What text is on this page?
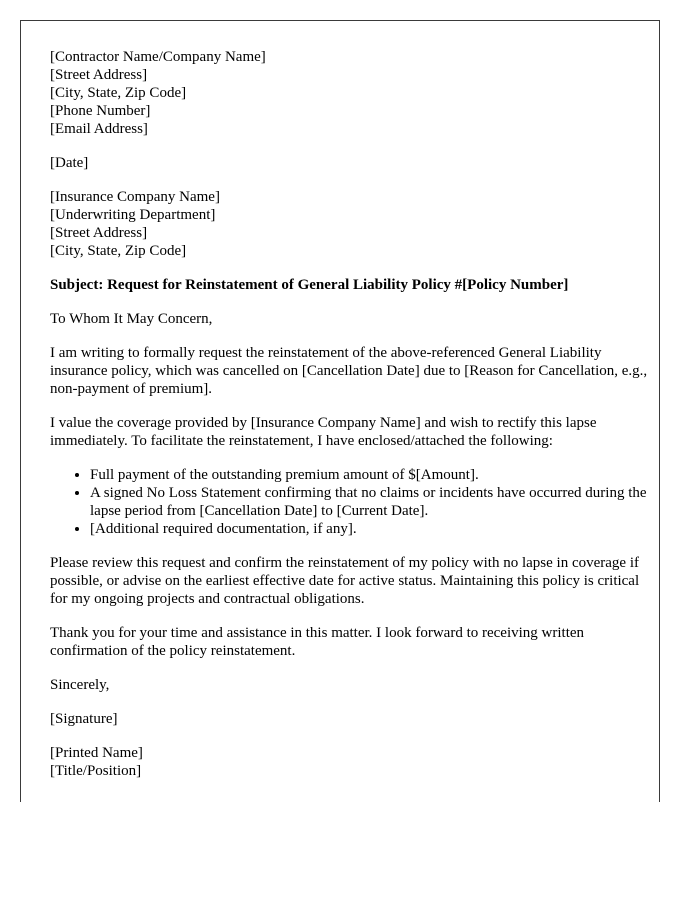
[Contractor Name/Company Name]
[Street Address]
[City, State, Zip Code]
[Phone Number]
[Email Address]
[Date]
[Insurance Company Name]
[Underwriting Department]
[Street Address]
[City, State, Zip Code]

Subject: Request for Reinstatement of General Liability Policy #[Policy Number]

To Whom It May Concern,

I am writing to formally request the reinstatement of the above-referenced General Liability insurance policy, which was cancelled on [Cancellation Date] due to [Reason for Cancellation, e.g., non-payment of premium].

I value the coverage provided by [Insurance Company Name] and wish to rectify this lapse immediately. To facilitate the reinstatement, I have enclosed/attached the following:

• Full payment of the outstanding premium amount of $[Amount].
• A signed No Loss Statement confirming that no claims or incidents have occurred during the lapse period from [Cancellation Date] to [Current Date].
• [Additional required documentation, if any].

Please review this request and confirm the reinstatement of my policy with no lapse in coverage if possible, or advise on the earliest effective date for active status. Maintaining this policy is critical for my ongoing projects and contractual obligations.

Thank you for your time and assistance in this matter. I look forward to receiving written confirmation of the policy reinstatement.

Sincerely,

[Signature]

[Printed Name]
[Title/Position]
